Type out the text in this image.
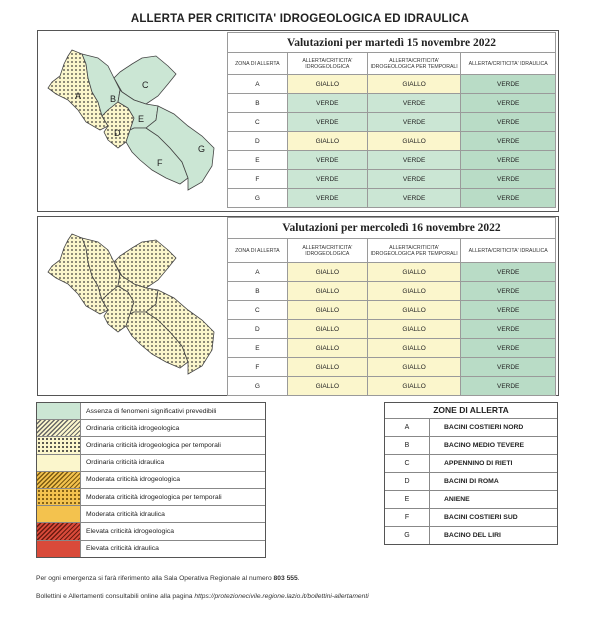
ALLERTA PER CRITICITA' IDROGEOLOGICA ED IDRAULICA
A	B
C
D
E
F
G
Valutazioni per martedì 15 novembre 2022			
ZONA DI ALLERTA	ALLERTA/CRITICITA' IDROGEOLOGICA	ALLERTA/CRITICITA' IDROGEOLOGICA PER TEMPORALI	ALLERTA/CRITICITA' IDRAULICA
A	GIALLO	GIALLO	VERDE
B	VERDE	VERDE	VERDE
C	VERDE	VERDE	VERDE
D	GIALLO	GIALLO	VERDE
E	VERDE	VERDE	VERDE
F	VERDE	VERDE	VERDE
G	VERDE	VERDE	VERDE
Valutazioni per mercoledì 16 novembre 2022			
ZONA DI ALLERTA	ALLERTA/CRITICITA' IDROGEOLOGICA	ALLERTA/CRITICITA' IDROGEOLOGICA PER TEMPORALI	ALLERTA/CRITICITA' IDRAULICA
A	GIALLO	GIALLO	VERDE
B	GIALLO	GIALLO	VERDE
C	GIALLO	GIALLO	VERDE
D	GIALLO	GIALLO	VERDE
E	GIALLO	GIALLO	VERDE
F	GIALLO	GIALLO	VERDE
G	GIALLO	GIALLO	VERDE
Assenza di fenomeni significativi prevedibili
Ordinaria criticità idrogeologica
Ordinaria criticità idrogeologica per temporali
Ordinaria criticità idraulica
Moderata criticità idrogeologica
Moderata criticità idrogeologica per temporali
Moderata criticità idraulica
Elevata criticità idrogeologica
Elevata criticità idraulica
ZONE DI ALLERTA
A	BACINI COSTIERI NORD
B	BACINO MEDIO TEVERE
C	APPENNINO DI RIETI
D	BACINI DI ROMA
E	ANIENE
F	BACINI COSTIERI SUD
G	BACINO DEL LIRI
Per ogni emergenza si farà riferimento alla Sala Operativa Regionale al numero 803 555.
Bollettini e Allertamenti consultabili online alla pagina https://protezionecivile.regione.lazio.it/bollettini-allertamenti
